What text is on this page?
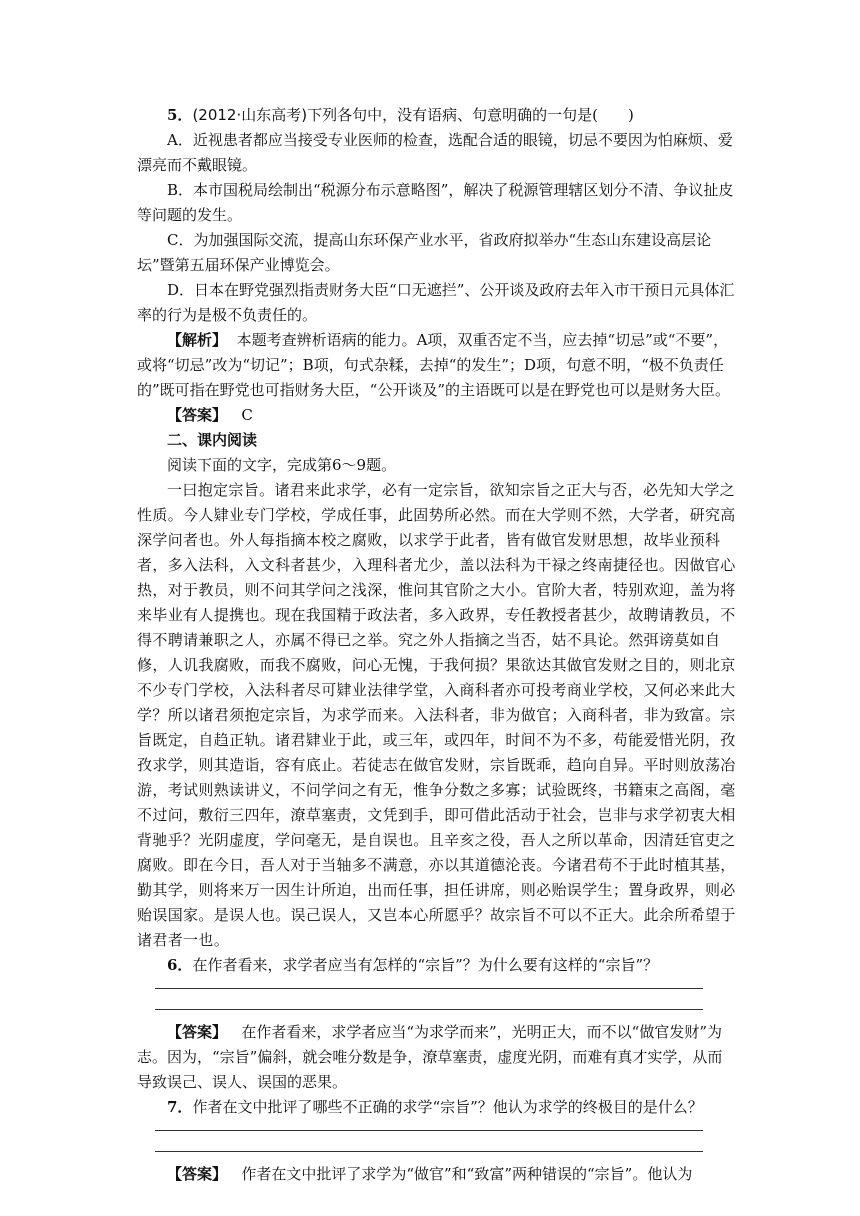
5．(2012·山东高考)下列各句中，没有语病、句意明确的一句是(　　)

A．近视患者都应当接受专业医师的检查，选配合适的眼镜，切忌不要因为怕麻烦、爱漂亮而不戴眼镜。

B．本市国税局绘制出“税源分布示意略图”，解决了税源管理辖区划分不清、争议扯皮等问题的发生。

C．为加强国际交流，提高山东环保产业水平，省政府拟举办“生态山东建设高层论坛”暨第五届环保产业博览会。

D．日本在野党强烈指责财务大臣“口无遮拦”、公开谈及政府去年入市干预日元具体汇率的行为是极不负责任的。

【解析】 本题考查辨析语病的能力。A项，双重否定不当，应去掉“切忌”或“不要”，或将“切忌”改为“切记”；B项，句式杂糅，去掉“的发生”；D项，句意不明，“极不负责任的”既可指在野党也可指财务大臣，“公开谈及”的主语既可以是在野党也可以是财务大臣。

【答案】 C

二、课内阅读

阅读下面的文字，完成第6～9题。

一曰抱定宗旨。诸君来此求学，必有一定宗旨，欲知宗旨之正大与否，必先知大学之性质。今人肄业专门学校，学成任事，此固势所必然。而在大学则不然，大学者，研究高深学问者也。外人每指摘本校之腐败，以求学于此者，皆有做官发财思想，故毕业预科者，多入法科，入文科者甚少，入理科者尤少，盖以法科为干禄之终南捷径也。因做官心热，对于教员，则不问其学问之浅深，惟问其官阶之大小。官阶大者，特别欢迎，盖为将来毕业有人提携也。现在我国精于政法者，多入政界，专任教授者甚少，故聘请教员，不得不聘请兼职之人，亦属不得已之举。究之外人指摘之当否，姑不具论。然弭谤莫如自修，人讥我腐败，而我不腐败，问心无愧，于我何损？果欲达其做官发财之目的，则北京不少专门学校，入法科者尽可肄业法律学堂，入商科者亦可投考商业学校，又何必来此大学？所以诸君须抱定宗旨，为求学而来。入法科者，非为做官；入商科者，非为致富。宗旨既定，自趋正轨。诸君肄业于此，或三年，或四年，时间不为不多，苟能爱惜光阴，孜孜求学，则其造诣，容有底止。若徒志在做官发财，宗旨既乖，趋向自异。平时则放荡冶游，考试则熟读讲义，不问学问之有无，惟争分数之多寡；试验既终，书籍束之高阁，毫不过问，敷衍三四年，潦草塞责，文凭到手，即可借此活动于社会，岂非与求学初衷大相背驰乎？光阴虚度，学问毫无，是自误也。且辛亥之役，吾人之所以革命，因清廷官吏之腐败。即在今日，吾人对于当轴多不满意，亦以其道德沦丧。今诸君苟不于此时植其基，勤其学，则将来万一因生计所迫，出而任事，担任讲席，则必贻误学生；置身政界，则必贻误国家。是误人也。误己误人，又岂本心所愿乎？故宗旨不可以不正大。此余所希望于诸君者一也。

6．在作者看来，求学者应当有怎样的“宗旨”？为什么要有这样的“宗旨”？

【答案】 在作者看来，求学者应当“为求学而来”，光明正大，而不以“做官发财”为志。因为，“宗旨”偏斜，就会唯分数是争，潦草塞责，虚度光阴，而难有真才实学，从而导致误己、误人、误国的恶果。

7．作者在文中批评了哪些不正确的求学“宗旨”？他认为求学的终极目的是什么？

【答案】 作者在文中批评了求学为“做官”和“致富”两种错误的“宗旨”。他认为
